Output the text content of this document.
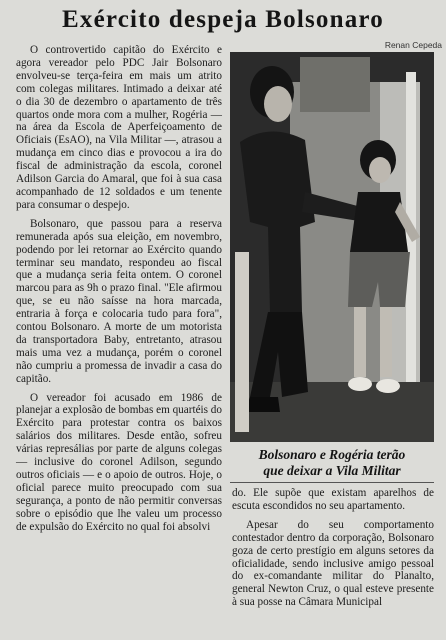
Exército despeja Bolsonaro
Renan Cepeda

O controvertido capitão do Exército e agora vereador pelo PDC Jair Bolsonaro envolveu-se terça-feira em mais um atrito com colegas militares. Intimado a deixar até o dia 30 de dezembro o apartamento de três quartos onde mora com a mulher, Rogéria — na área da Escola de Aperfeiçoamento de Oficiais (EsAO), na Vila Militar —, atrasou a mudança em cinco dias e provocou a ira do fiscal de administração da escola, coronel Adilson Garcia do Amaral, que foi à sua casa acompanhado de 12 soldados e um tenente para consumar o despejo.

Bolsonaro, que passou para a reserva remunerada após sua eleição, em novembro, podendo por lei retornar ao Exército quando terminar seu mandato, respondeu ao fiscal que a mudança seria feita ontem. O coronel marcou para as 9h o prazo final. "Ele afirmou que, se eu não saísse na hora marcada, entraria à força e colocaria tudo para fora", contou Bolsonaro. A morte de um motorista da transportadora Baby, entretanto, atrasou mais uma vez a mudança, porém o coronel não cumpriu a promessa de invadir a casa do capitão.

O vereador foi acusado em 1986 de planejar a explosão de bombas em quartéis do Exército para protestar contra os baixos salários dos militares. Desde então, sofreu várias represálias por parte de alguns colegas — inclusive do coronel Adilson, segundo outros oficiais — e o apoio de outros. Hoje, o oficial parece muito preocupado com sua segurança, a ponto de não permitir conversas sobre o episódio que lhe valeu um processo de expulsão do Exército no qual foi absolvi

Bolsonaro e Rogéria terão
que deixar a Vila Militar

do. Ele supõe que existam aparelhos de escuta escondidos no seu apartamento.

Apesar do seu comportamento contestador dentro da corporação, Bolsonaro goza de certo prestígio em alguns setores da oficialidade, sendo inclusive amigo pessoal do ex-comandante militar do Planalto, general Newton Cruz, o qual esteve presente à sua posse na Câmara Municipal
